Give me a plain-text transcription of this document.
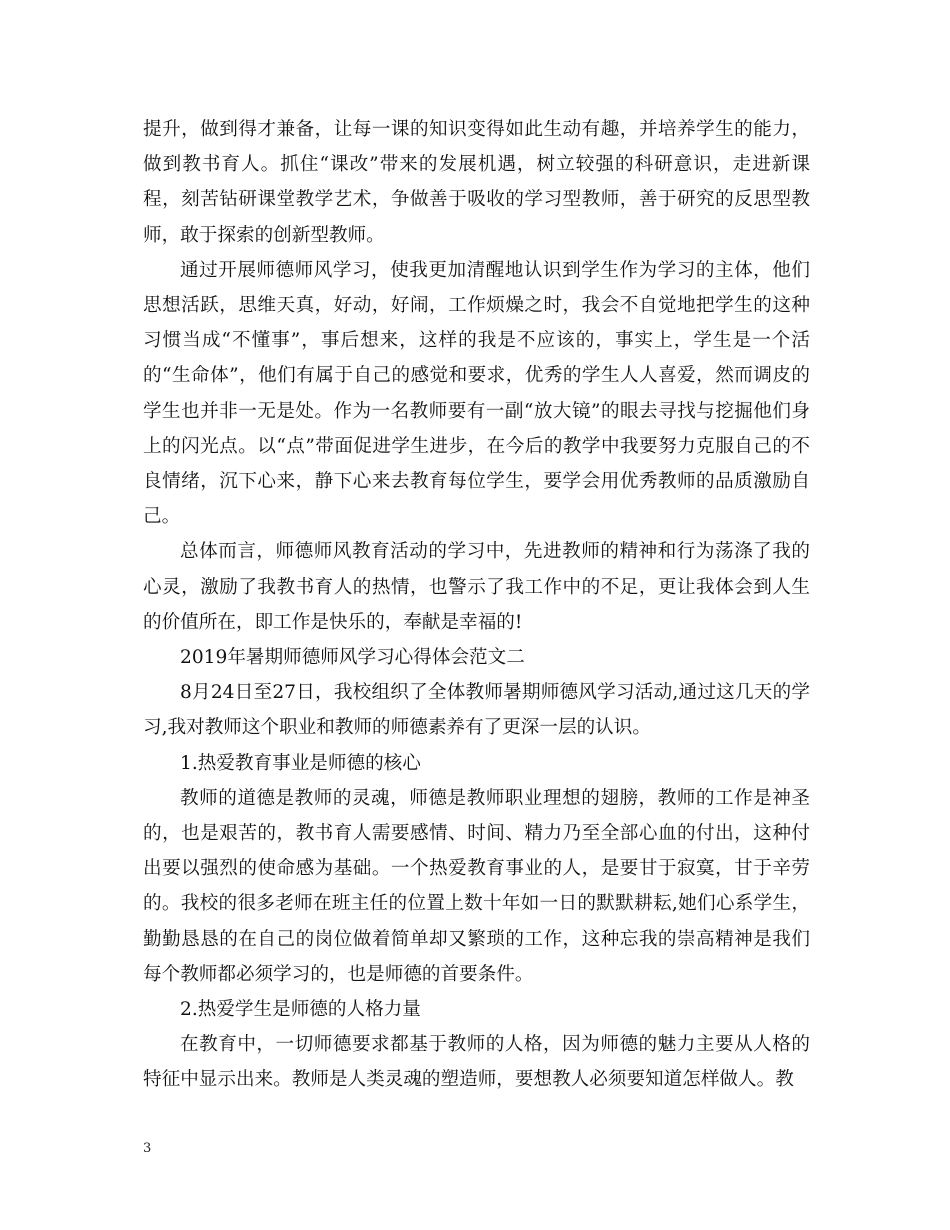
提升，做到得才兼备，让每一课的知识变得如此生动有趣，并培养学生的能力，做到教书育人。抓住“课改”带来的发展机遇，树立较强的科研意识，走进新课程，刻苦钻研课堂教学艺术，争做善于吸收的学习型教师，善于研究的反思型教师，敢于探索的创新型教师。

通过开展师德师风学习，使我更加清醒地认识到学生作为学习的主体，他们思想活跃，思维天真，好动，好闹，工作烦燥之时，我会不自觉地把学生的这种习惯当成“不懂事”，事后想来，这样的我是不应该的，事实上，学生是一个活的“生命体”，他们有属于自己的感觉和要求，优秀的学生人人喜爱，然而调皮的学生也并非一无是处。作为一名教师要有一副“放大镜”的眼去寻找与挖掘他们身上的闪光点。以“点”带面促进学生进步，在今后的教学中我要努力克服自己的不良情绪，沉下心来，静下心来去教育每位学生，要学会用优秀教师的品质激励自己。

总体而言，师德师风教育活动的学习中，先进教师的精神和行为荡涤了我的心灵，激励了我教书育人的热情，也警示了我工作中的不足，更让我体会到人生的价值所在，即工作是快乐的，奉献是幸福的!

2019年暑期师德师风学习心得体会范文二

8月24日至27日，我校组织了全体教师暑期师德风学习活动,通过这几天的学习,我对教师这个职业和教师的师德素养有了更深一层的认识。

1.热爱教育事业是师德的核心

教师的道德是教师的灵魂，师德是教师职业理想的翅膀，教师的工作是神圣的，也是艰苦的，教书育人需要感情、时间、精力乃至全部心血的付出，这种付出要以强烈的使命感为基础。一个热爱教育事业的人，是要甘于寂寞，甘于辛劳的。我校的很多老师在班主任的位置上数十年如一日的默默耕耘,她们心系学生，勤勤恳恳的在自己的岗位做着简单却又繁琐的工作，这种忘我的崇高精神是我们每个教师都必须学习的，也是师德的首要条件。

2.热爱学生是师德的人格力量

在教育中，一切师德要求都基于教师的人格，因为师德的魅力主要从人格的特征中显示出来。教师是人类灵魂的塑造师，要想教人必须要知道怎样做人。教

3
